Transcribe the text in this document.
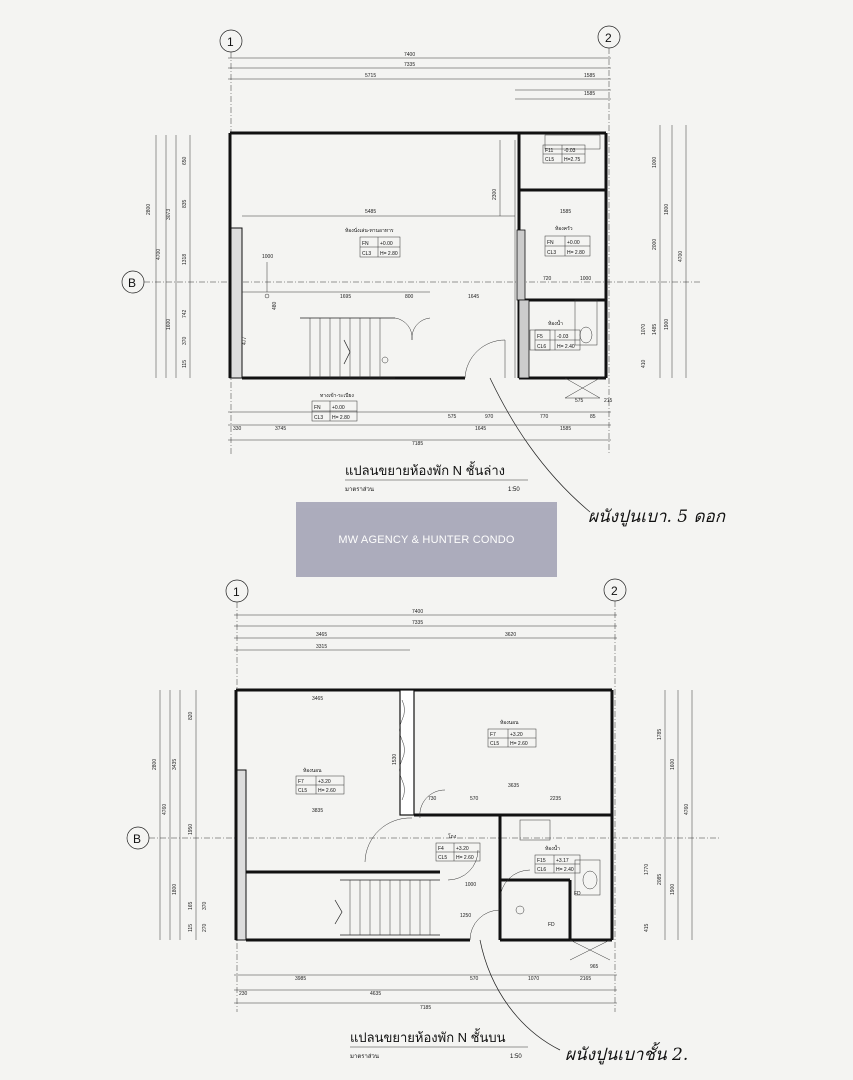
1	2
B
7400
7335
5715	1585
1585
2800	3073
4700
1600
1318
742
370
115
650
835
477
480
1000
1800
2000
4700
1900
1485
1070
410
2300
5485	1585
1000
1695	800	1645
720	1000
3745
575	970
1645
770
1585
7185
575
85
215
330
ห้องนั่งเล่น-ทานอาหาร
FN +0.00
CL3 H= 2.80
ห้องครัว
FN	+0.00
CL3 H= 2.80
ห้องน้ำ
F5	-0.03
CL6 H= 2.40
ทางเข้า-ระเบียง
FN +0.00
CL3 H= 2.80
F11 -0.03
CL5 H=2.75
แปลนขยายห้องพัก N ชั้นล่าง
มาตราส่วน	1:50
ผนังปูนเบา. 5 ดอก
1	2
B
7400
7335
3465	3620
3315
FD
FD
2800	3435
4760
1950
1800
165 370
270
115
820
1785
1600
4760
1770
2085
1900
415
3465
1530
3835
730	570
3635
2235
3985	570	1070	2165
4635
7185
230
965
1250
1000
ห้องนอน
F7	+3.20
CL5 H= 2.60
ห้องนอน
F7	+3.20
CL5 H= 2.60
ห้องน้ำ
F15 +3.17
CL6 H= 2.40
โถง
F4 +3.20
CL5 H= 2.60
แปลนขยายห้องพัก N ชั้นบน
มาตราส่วน	1:50	ผนังปูนเบาชั้น 2.
MW AGENCY & HUNTER CONDO
